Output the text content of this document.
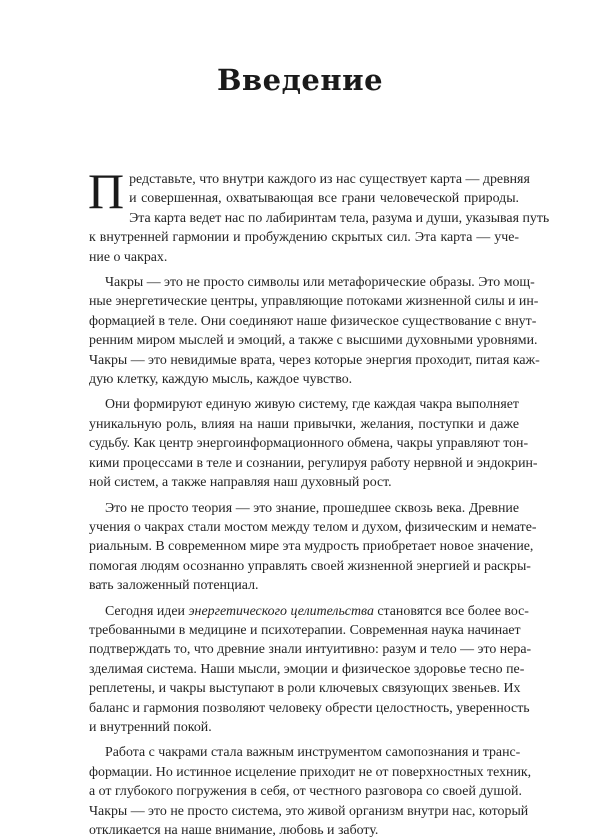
Введение
П редставьте, что внутри каждого из нас существует карта — древняя
и совершенная, охватывающая все грани человеческой природы.
Эта карта ведет нас по лабиринтам тела, разума и души, указывая путь
к внутренней гармонии и пробуждению скрытых сил. Эта карта — уче-
ние о чакрах.
Чакры — это не просто символы или метафорические образы. Это мощ-
ные энергетические центры, управляющие потоками жизненной силы и ин-
формацией в теле. Они соединяют наше физическое существование с внут-
ренним миром мыслей и эмоций, а также с высшими духовными уровнями.
Чакры — это невидимые врата, через которые энергия проходит, питая каж-
дую клетку, каждую мысль, каждое чувство.
Они формируют единую живую систему, где каждая чакра выполняет
уникальную роль, влияя на наши привычки, желания, поступки и даже
судьбу. Как центр энергоинформационного обмена, чакры управляют тон-
кими процессами в теле и сознании, регулируя работу нервной и эндокрин-
ной систем, а также направляя наш духовный рост.
Это не просто теория — это знание, прошедшее сквозь века. Древние
учения о чакрах стали мостом между телом и духом, физическим и немате-
риальным. В современном мире эта мудрость приобретает новое значение,
помогая людям осознанно управлять своей жизненной энергией и раскры-
вать заложенный потенциал.
Сегодня идеи энергетического целительства становятся все более вос-
требованными в медицине и психотерапии. Современная наука начинает
подтверждать то, что древние знали интуитивно: разум и тело — это нера-
зделимая система. Наши мысли, эмоции и физическое здоровье тесно пе-
реплетены, и чакры выступают в роли ключевых связующих звеньев. Их
баланс и гармония позволяют человеку обрести целостность, уверенность
и внутренний покой.
Работа с чакрами стала важным инструментом самопознания и транс-
формации. Но истинное исцеление приходит не от поверхностных техник,
а от глубокого погружения в себя, от честного разговора со своей душой.
Чакры — это не просто система, это живой организм внутри нас, который
откликается на наше внимание, любовь и заботу.
